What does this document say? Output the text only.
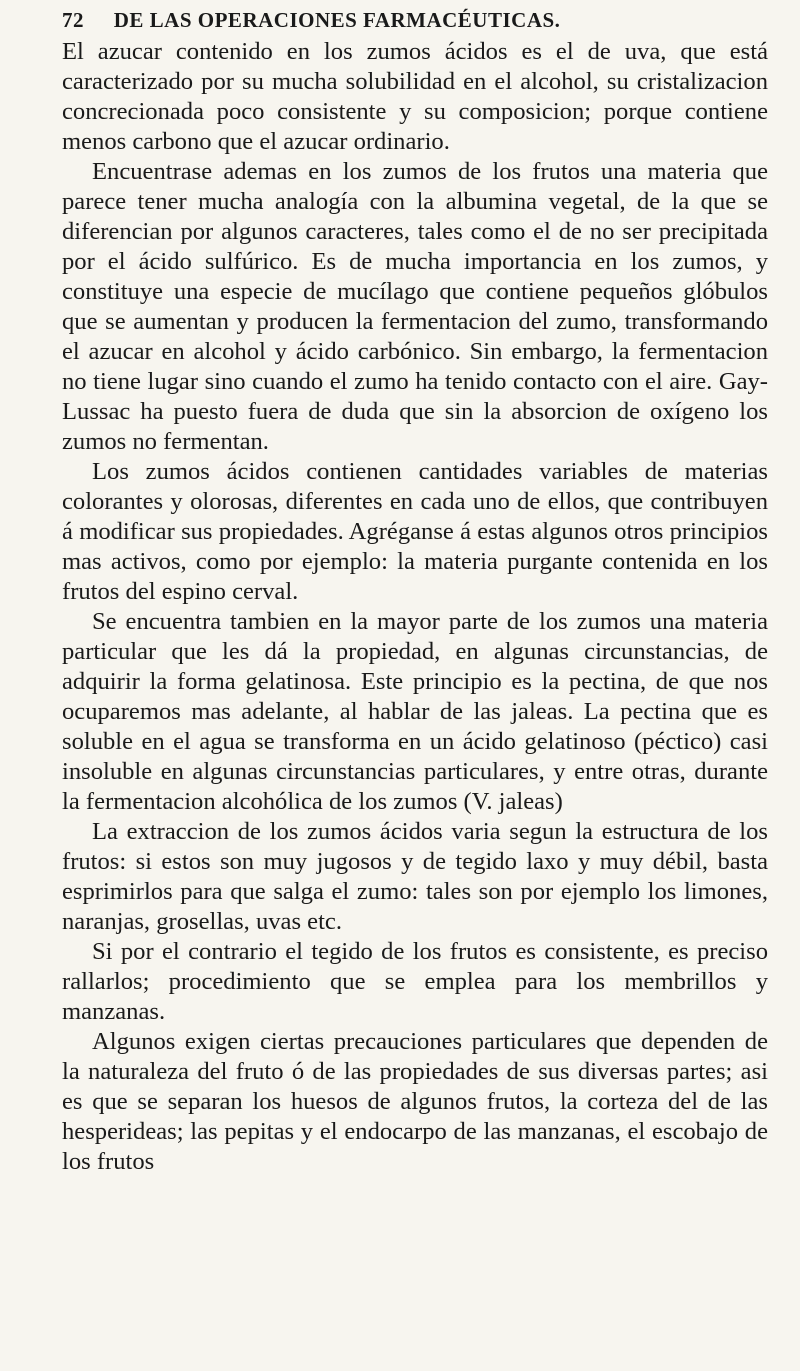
72 DE LAS OPERACIONES FARMACÉUTICAS.

El azucar contenido en los zumos ácidos es el de uva, que está caracterizado por su mucha solubilidad en el alcohol, su cristalizacion concrecionada poco consistente y su composicion; porque contiene menos carbono que el azucar ordinario.

Encuentrase ademas en los zumos de los frutos una materia que parece tener mucha analogía con la albumina vegetal, de la que se diferencian por algunos caracteres, tales como el de no ser precipitada por el ácido sulfúrico. Es de mucha importancia en los zumos, y constituye una especie de mucílago que contiene pequeños glóbulos que se aumentan y producen la fermentacion del zumo, transformando el azucar en alcohol y ácido carbónico. Sin embargo, la fermentacion no tiene lugar sino cuando el zumo ha tenido contacto con el aire. Gay-Lussac ha puesto fuera de duda que sin la absorcion de oxígeno los zumos no fermentan.

Los zumos ácidos contienen cantidades variables de materias colorantes y olorosas, diferentes en cada uno de ellos, que contribuyen á modificar sus propiedades. Agréganse á estas algunos otros principios mas activos, como por ejemplo: la materia purgante contenida en los frutos del espino cerval.

Se encuentra tambien en la mayor parte de los zumos una materia particular que les dá la propiedad, en algunas circunstancias, de adquirir la forma gelatinosa. Este principio es la pectina, de que nos ocuparemos mas adelante, al hablar de las jaleas. La pectina que es soluble en el agua se transforma en un ácido gelatinoso (péctico) casi insoluble en algunas circunstancias particulares, y entre otras, durante la fermentacion alcohólica de los zumos (V. jaleas)

La extraccion de los zumos ácidos varia segun la estructura de los frutos: si estos son muy jugosos y de tegido laxo y muy débil, basta esprimirlos para que salga el zumo: tales son por ejemplo los limones, naranjas, grosellas, uvas etc.

Si por el contrario el tegido de los frutos es consistente, es preciso rallarlos; procedimiento que se emplea para los membrillos y manzanas.

Algunos exigen ciertas precauciones particulares que dependen de la naturaleza del fruto ó de las propiedades de sus diversas partes; asi es que se separan los huesos de algunos frutos, la corteza del de las hesperideas; las pepitas y el endocarpo de las manzanas, el escobajo de los frutos
